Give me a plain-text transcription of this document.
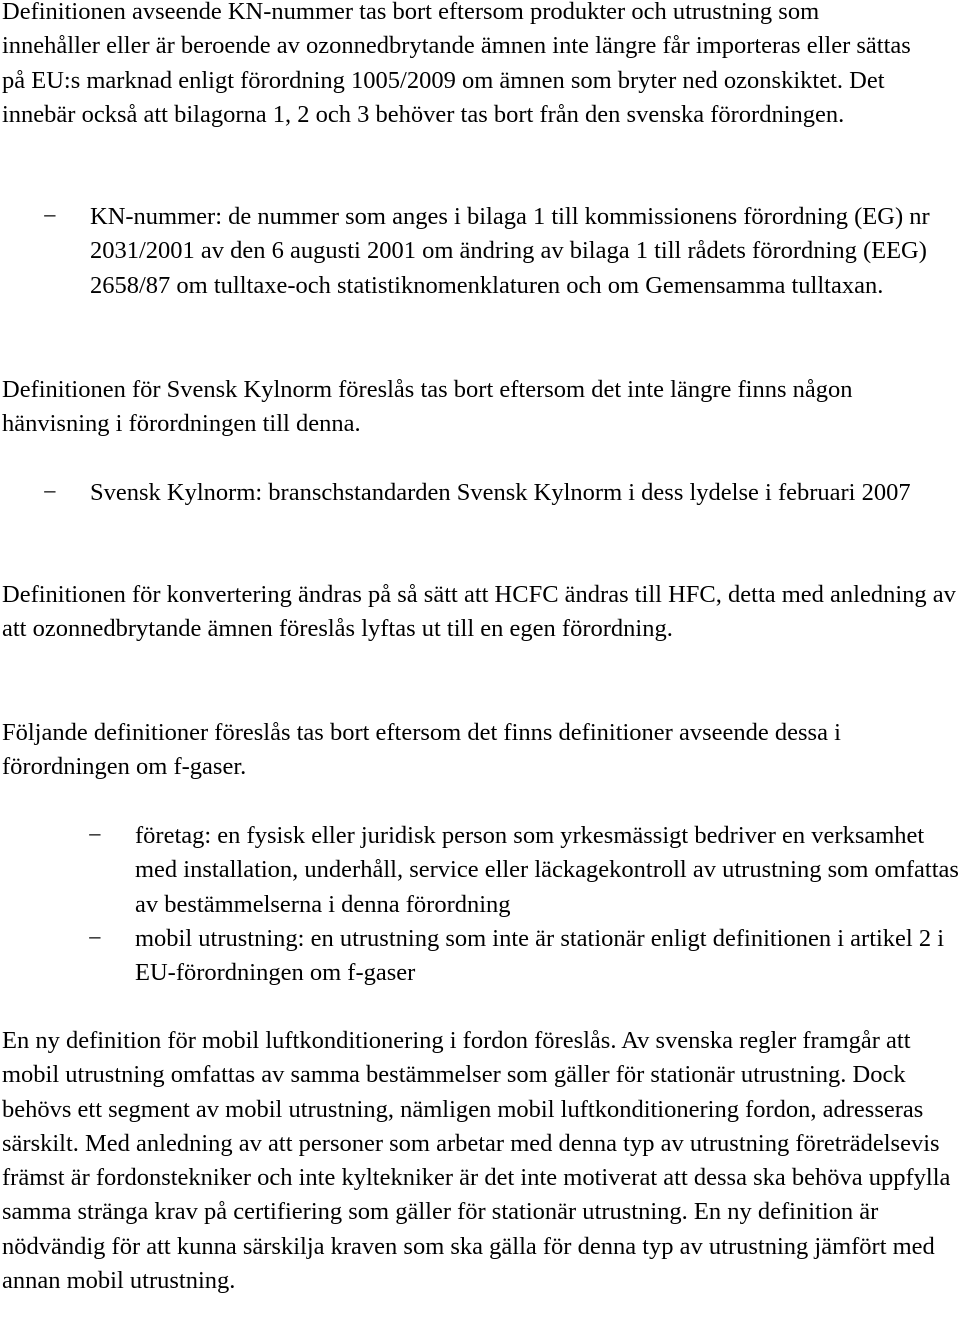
Definitionen avseende KN-nummer tas bort eftersom produkter och utrustning som innehåller eller är beroende av ozonnedbrytande ämnen inte längre får importeras eller sättas på EU:s marknad enligt förordning 1005/2009 om ämnen som bryter ned ozonskiktet. Det innebär också att bilagorna 1, 2 och 3 behöver tas bort från den svenska förordningen.

− KN-nummer: de nummer som anges i bilaga 1 till kommissionens förordning (EG) nr 2031/2001 av den 6 augusti 2001 om ändring av bilaga 1 till rådets förordning (EEG) 2658/87 om tulltaxe-och statistiknomenklaturen och om Gemensamma tulltaxan.

Definitionen för Svensk Kylnorm föreslås tas bort eftersom det inte längre finns någon hänvisning i förordningen till denna.

− Svensk Kylnorm: branschstandarden Svensk Kylnorm i dess lydelse i februari 2007

Definitionen för konvertering ändras på så sätt att HCFC ändras till HFC, detta med anledning av att ozonnedbrytande ämnen föreslås lyftas ut till en egen förordning.

Följande definitioner föreslås tas bort eftersom det finns definitioner avseende dessa i förordningen om f-gaser.

− företag: en fysisk eller juridisk person som yrkesmässigt bedriver en verksamhet med installation, underhåll, service eller läckagekontroll av utrustning som omfattas av bestämmelserna i denna förordning

− mobil utrustning: en utrustning som inte är stationär enligt definitionen i artikel 2 i EU-förordningen om f-gaser

En ny definition för mobil luftkonditionering i fordon föreslås. Av svenska regler framgår att mobil utrustning omfattas av samma bestämmelser som gäller för stationär utrustning. Dock behövs ett segment av mobil utrustning, nämligen mobil luftkonditionering fordon, adresseras särskilt. Med anledning av att personer som arbetar med denna typ av utrustning företrädelsevis främst är fordonstekniker och inte kyltekniker är det inte motiverat att dessa ska behöva uppfylla samma stränga krav på certifiering som gäller för stationär utrustning. En ny definition är nödvändig för att kunna särskilja kraven som ska gälla för denna typ av utrustning jämfört med annan mobil utrustning.
